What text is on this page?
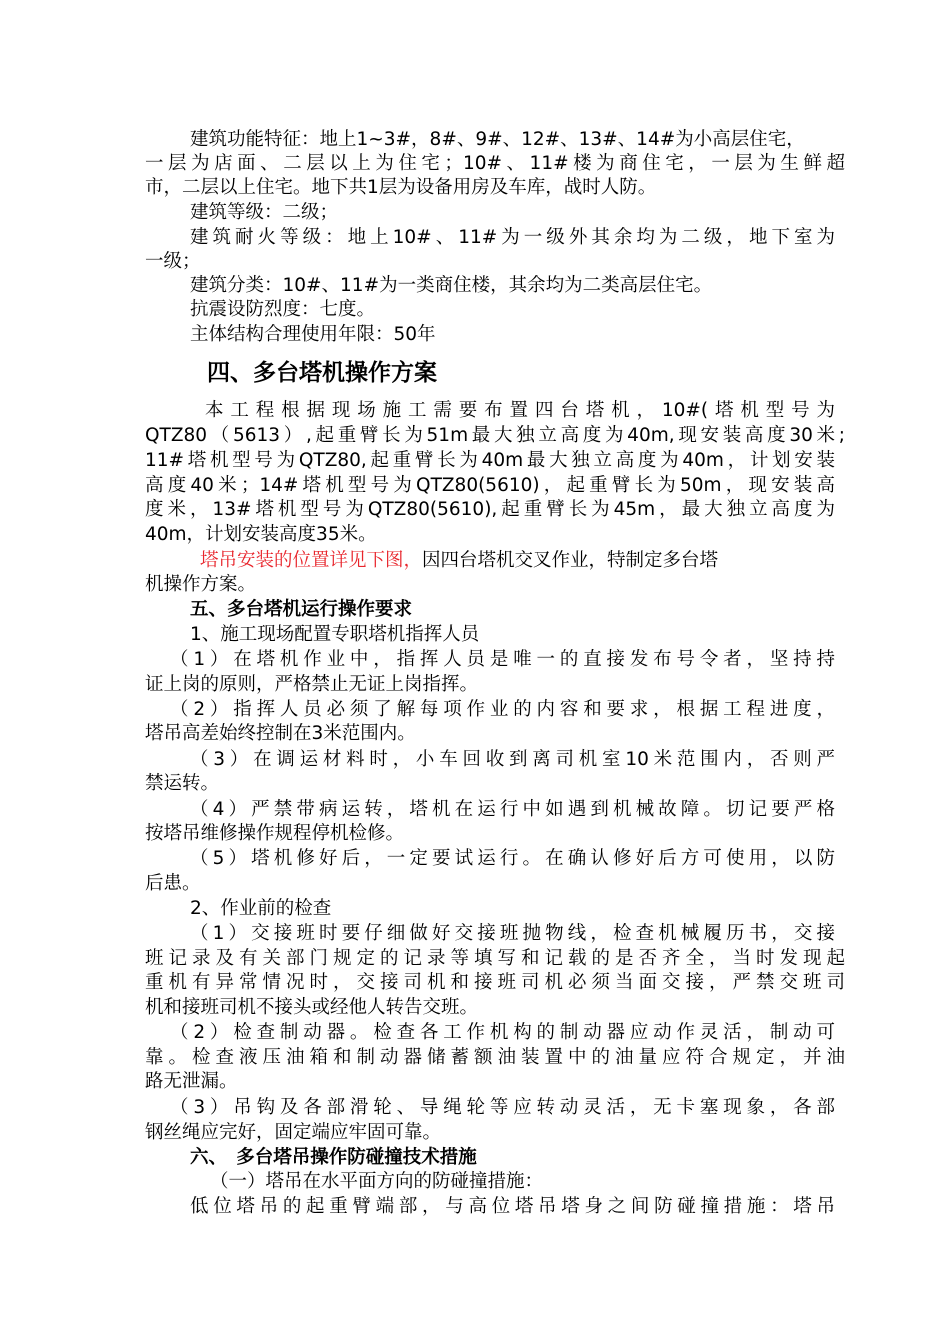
建筑功能特征：地上1~3#，8#、9#、12#、13#、14#为小高层住宅，
一层为店面、二层以上为住宅；10#、11#楼为商住宅，一层为生鲜超
市，二层以上住宅。地下共1层为设备用房及车库，战时人防。
建筑等级：二级；
建筑耐火等级：地上10#、11#为一级外其余均为二级，地下室为
一级；
建筑分类：10#、11#为一类商住楼，其余均为二类高层住宅。
抗震设防烈度：七度。
主体结构合理使用年限：50年
四、多台塔机操作方案
本工程根据现场施工需要布置四台塔机，10#(塔机型号为
QTZ80（5613）,起重臂长为51m最大独立高度为40m,现安装高度30米;
11#塔机型号为QTZ80,起重臂长为40m最大独立高度为40m，计划安装
高度40米；14#塔机型号为QTZ80(5610)，起重臂长为50m，现安装高
度米，13#塔机型号为QTZ80(5610),起重臂长为45m，最大独立高度为
40m，计划安装高度35米。
塔吊安装的位置详见下图，因四台塔机交叉作业，特制定多台塔
机操作方案。
五、多台塔机运行操作要求
1、施工现场配置专职塔机指挥人员
（1）在塔机作业中，指挥人员是唯一的直接发布号令者，坚持持
证上岗的原则，严格禁止无证上岗指挥。
（2）指挥人员必须了解每项作业的内容和要求，根据工程进度，
塔吊高差始终控制在3米范围内。
（3）在调运材料时，小车回收到离司机室10米范围内，否则严
禁运转。
（4）严禁带病运转，塔机在运行中如遇到机械故障。切记要严格
按塔吊维修操作规程停机检修。
（5）塔机修好后，一定要试运行。在确认修好后方可使用，以防
后患。
2、作业前的检查
（1）交接班时要仔细做好交接班抛物线，检查机械履历书，交接
班记录及有关部门规定的记录等填写和记载的是否齐全，当时发现起
重机有异常情况时，交接司机和接班司机必须当面交接，严禁交班司
机和接班司机不接头或经他人转告交班。
（2）检查制动器。检查各工作机构的制动器应动作灵活，制动可
靠。检查液压油箱和制动器储蓄额油装置中的油量应符合规定，并油
路无泄漏。
（3）吊钩及各部滑轮、导绳轮等应转动灵活，无卡塞现象，各部
钢丝绳应完好，固定端应牢固可靠。
六、　多台塔吊操作防碰撞技术措施
（一）塔吊在水平面方向的防碰撞措施：
低位塔吊的起重臂端部，与高位塔吊塔身之间防碰撞措施：塔吊
